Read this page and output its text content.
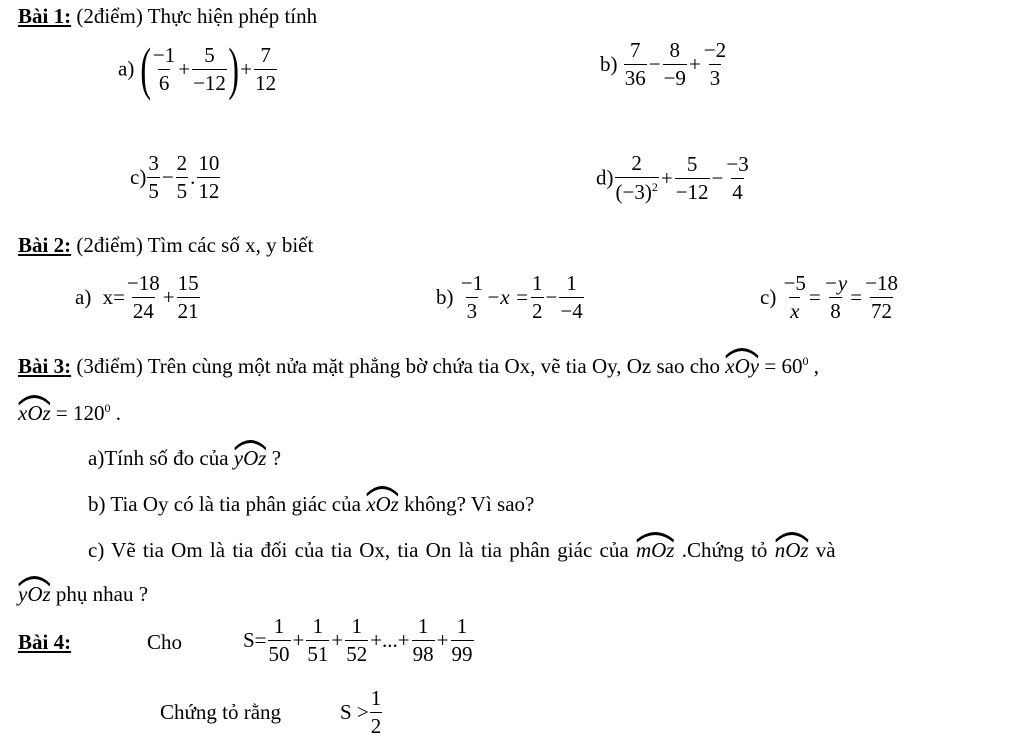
Bài 1: (2điểm) Thực hiện phép tính
a) ( $\frac{-1}{6} + \frac{5}{-12}$ )+ $\frac{7}{12}$	$b) \frac{7}{36} - \frac{8}{-9} + \frac{-2}{3}$
$c) \frac{3}{5} - \frac{2}{5}$ . $\frac{10}{12}$	$d) \frac{2}{(-3)^2} + \frac{5}{-12} - \frac{-3}{4}$
Bài 2: (2điểm) Tìm các số x, y biết
a) $x= \frac{-18}{24} + \frac{15}{21}$	$b) \frac{-1}{3} -x = \frac{1}{2} - \frac{1}{-4}$	$c) \frac{-5}{x} = \frac{-y}{8} = \frac{-18}{72}$
Bài 3: (3điểm) Trên cùng một nửa mặt phẳng bờ chứa tia Ox, vẽ tia Oy, Oz sao cho
xOy = $60^0$ ,
xOz = $120^0$ .
a)Tính số đo của
yOz ?
b) Tia Oy có là tia phân giác của
xOz không? Vì sao?
c) Vẽ tia Om là tia đối của tia Ox, tia On là tia phân giác của
mOz .Chứng tỏ
nOz và
yOz phụ nhau ?
Bài 4:	Cho	$S= \frac{1}{50} + \frac{1}{51} + \frac{1}{52}$ +...+ $\frac{1}{98} + \frac{1}{99}$
Chứng tỏ rằng	$S > \frac{1}{2}$
